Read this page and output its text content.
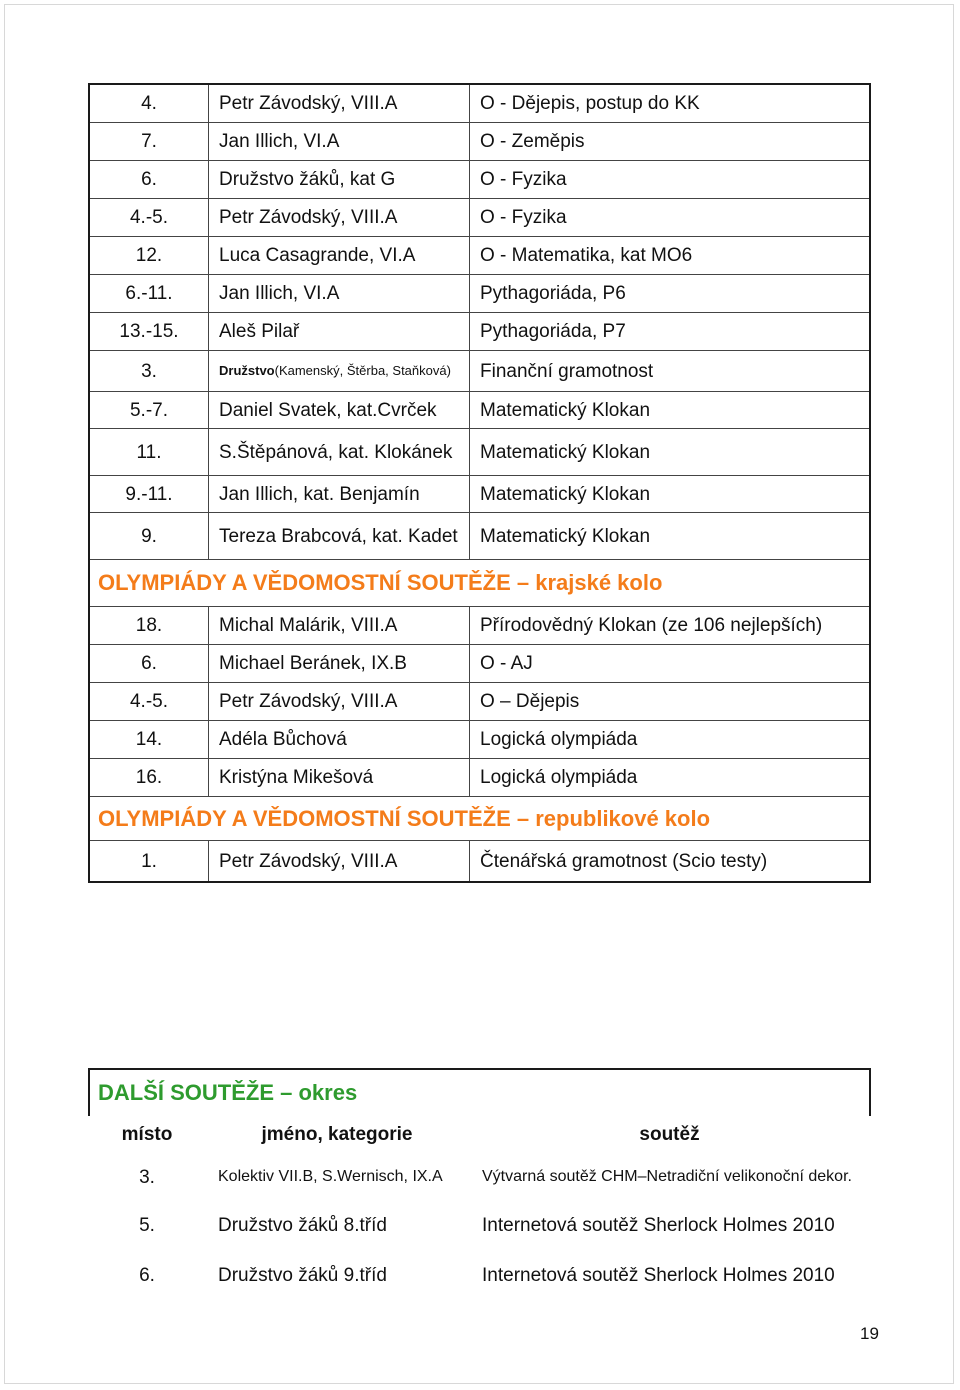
4.	Petr Závodský, VIII.A	O - Dějepis, postup do KK
7.	Jan Illich, VI.A	O - Zeměpis
6.	Družstvo žáků, kat G	O - Fyzika
4.-5.	Petr Závodský, VIII.A	O - Fyzika
12.	Luca Casagrande, VI.A	O - Matematika, kat MO6
6.-11.	Jan Illich, VI.A	Pythagoriáda, P6
13.-15.	Aleš Pilař	Pythagoriáda, P7
3.	Družstvo(Kamenský, Štěrba, Staňková)	Finanční gramotnost
5.-7.	Daniel Svatek, kat.Cvrček	Matematický Klokan
11.	S.Štěpánová, kat. Klokánek	Matematický Klokan
9.-11.	Jan Illich, kat. Benjamín	Matematický Klokan
9.	Tereza Brabcová, kat. Kadet	Matematický Klokan
OLYMPIÁDY A VĚDOMOSTNÍ SOUTĚŽE – krajské kolo
18.	Michal Malárik, VIII.A	Přírodovědný Klokan (ze 106 nejlepších)
6.	Michael Beránek, IX.B	O - AJ
4.-5.	Petr Závodský, VIII.A	O – Dějepis
14.	Adéla Bůchová	Logická olympiáda
16.	Kristýna Mikešová	Logická olympiáda
OLYMPIÁDY A VĚDOMOSTNÍ SOUTĚŽE – republikové kolo
1.	Petr Závodský, VIII.A	Čtenářská gramotnost (Scio testy)
DALŠÍ SOUTĚŽE – okres
místo	jméno, kategorie	soutěž
3.	Kolektiv VII.B, S.Wernisch, IX.A	Výtvarná soutěž CHM–Netradiční velikonoční dekor.
5.	Družstvo žáků 8.tříd	Internetová soutěž Sherlock Holmes 2010
6.	Družstvo žáků 9.tříd	Internetová soutěž Sherlock Holmes 2010
19
